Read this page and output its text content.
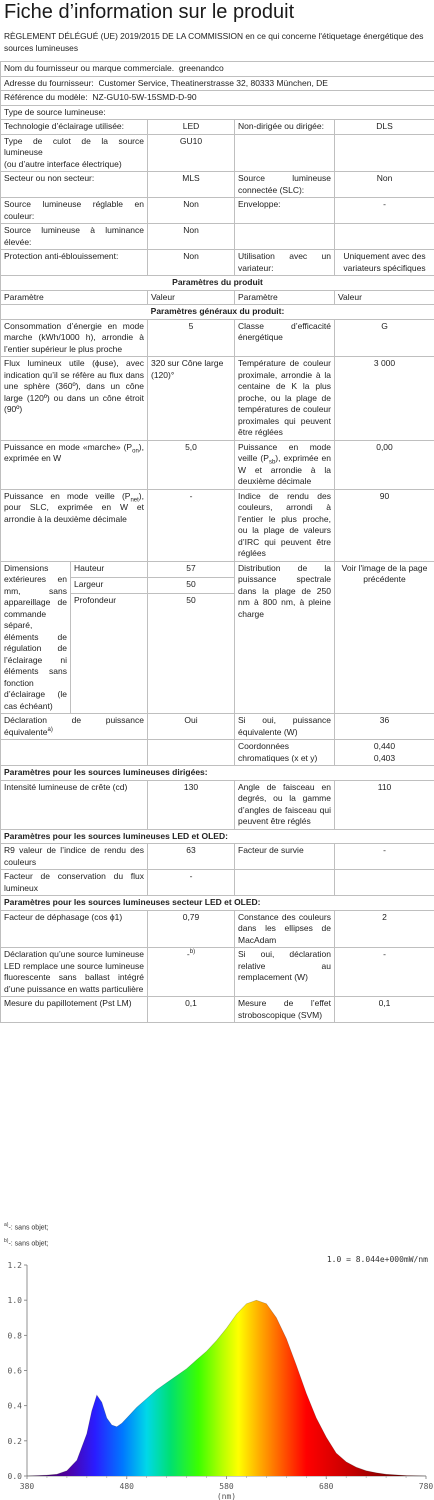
Fiche d’information sur le produit
RÈGLEMENT DÉLÉGUÉ (UE) 2019/2015 DE LA COMMISSION en ce qui concerne l'étiquetage énergétique des sources lumineuses
Nom du fournisseur ou marque commerciale. greenandco				
Adresse du fournisseur: Customer Service, Theatinerstrasse 32, 80333 München, DE				
Référence du modèle: NZ-GU10-5W-15SMD-D-90				
Type de source lumineuse:				
Technologie d’éclairage utilisée:		LED	Non-dirigée ou dirigée:	DLS
Type de culot de la source lumineuse
(ou d’autre interface électrique)		GU10		
Secteur ou non secteur:		MLS	Source lumineuse connectée (SLC):	Non
Source lumineuse réglable en couleur:		Non	Enveloppe:	-
Source lumineuse à luminance élevée:		Non		
Protection anti-éblouissement:		Non	Utilisation avec un variateur:	Uniquement avec des variateurs spécifiques
Paramètres du produit				
Paramètre		Valeur	Paramètre	Valeur
Paramètres généraux du produit:				
Consommation d’énergie en mode marche (kWh/1000 h), arrondie à l’entier supérieur le plus proche		5	Classe d’efficacité énergétique	G
Flux lumineux utile (ϕuse), avec indication qu’il se réfère au flux dans une sphère (360º), dans un cône large (120º) ou dans un cône étroit (90º)		320 sur Cône large (120)°	Température de couleur proximale, arrondie à la centaine de K la plus proche, ou la plage de températures de couleur proximales qui peuvent être réglées	3 000
Puissance en mode «marche» $(P_{on})$, exprimée en W		5,0	Puissance en mode veille $(P_{sb})$, exprimée en W et arrondie à la deuxième décimale	0,00
Puissance en mode veille $(P_{net})$, pour SLC, exprimée en W et arrondie à la deuxième décimale		-	Indice de rendu des couleurs, arrondi à l’entier le plus proche, ou la plage de valeurs d’IRC qui peuvent être réglées	90
Dimensions extérieures en mm, sans appareillage de commande séparé, éléments de régulation de l’éclairage ni éléments sans fonction d’éclairage (le cas échéant)	Hauteur	57	Distribution de la puissance spectrale dans la plage de 250 nm à 800 nm, à pleine charge	Voir l'image de la page précédente
	Largeur	50		
	Profondeur	50		
Déclaration de puissance équivalente$^{a)}$		Oui	Si oui, puissance équivalente (W)	36
			Coordonnées chromatiques (x et y)	0,440
0,403
Paramètres pour les sources lumineuses dirigées:				
Intensité lumineuse de crête (cd)		130	Angle de faisceau en degrés, ou la gamme d’angles de faisceau qui peuvent être réglés	110
Paramètres pour les sources lumineuses LED et OLED:				
R9 valeur de l’indice de rendu des couleurs		63	Facteur de survie	-
Facteur de conservation du flux lumineux		-		
Paramètres pour les sources lumineuses secteur LED et OLED:				
Facteur de déphasage (cos ϕ1)		0,79	Constance des couleurs dans les ellipses de MacAdam	2
Déclaration qu’une source lumineuse LED remplace une source lumineuse fluorescente sans ballast intégré d’une puissance en watts particulière		-$^{b)}$	Si oui, déclaration relative au remplacement (W)	-
Mesure du papillotement (Pst LM)		0,1	Mesure de l’effet stroboscopique (SVM)	0,1
$^{a)}$-: sans objet;
$^{b)}$-: sans objet;
0.0
0.2
0.4
0.6
0.8
1.0
1.2
380	480	580	680	780
1.0 = 8.044e+000mW/nm
(nm)
